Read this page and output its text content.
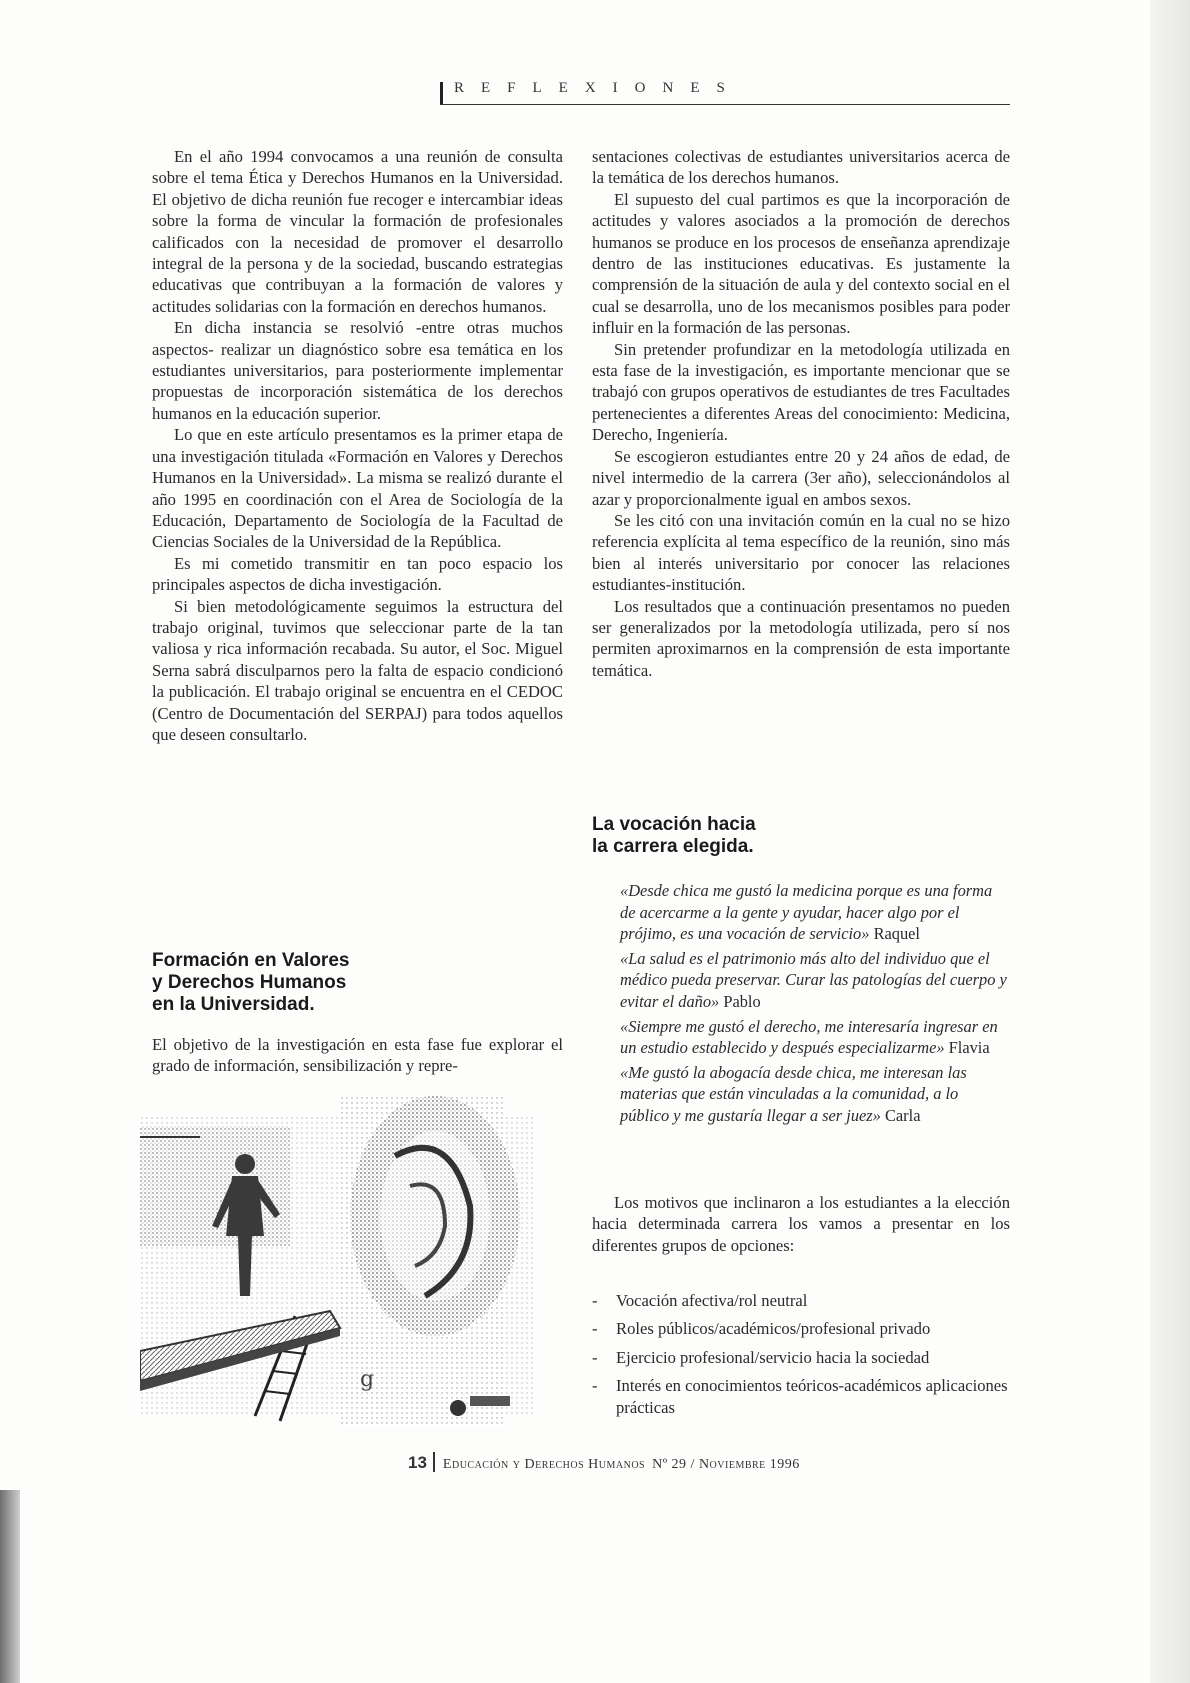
REFLEXIONES

En el año 1994 convocamos a una reunión de consulta sobre el tema Ética y Derechos Humanos en la Universidad. El objetivo de dicha reunión fue recoger e intercambiar ideas sobre la forma de vincular la formación de profesionales calificados con la necesidad de promover el desarrollo integral de la persona y de la sociedad, buscando estrategias educativas que contribuyan a la formación de valores y actitudes solidarias con la formación en derechos humanos.

En dicha instancia se resolvió -entre otras muchos aspectos- realizar un diagnóstico sobre esa temática en los estudiantes universitarios, para posteriormente implementar propuestas de incorporación sistemática de los derechos humanos en la educación superior.

Lo que en este artículo presentamos es la primer etapa de una investigación titulada «Formación en Valores y Derechos Humanos en la Universidad». La misma se realizó durante el año 1995 en coordinación con el Area de Sociología de la Educación, Departamento de Sociología de la Facultad de Ciencias Sociales de la Universidad de la República.

Es mi cometido transmitir en tan poco espacio los principales aspectos de dicha investigación.

Si bien metodológicamente seguimos la estructura del trabajo original, tuvimos que seleccionar parte de la tan valiosa y rica información recabada. Su autor, el Soc. Miguel Serna sabrá disculparnos pero la falta de espacio condicionó la publicación. El trabajo original se encuentra en el CEDOC (Centro de Documentación del SERPAJ) para todos aquellos que deseen consultarlo.

Formación en Valores
y Derechos Humanos
en la Universidad.

El objetivo de la investigación en esta fase fue explorar el grado de información, sensibilización y repre-

g

sentaciones colectivas de estudiantes universitarios acerca de la temática de los derechos humanos.

El supuesto del cual partimos es que la incorporación de actitudes y valores asociados a la promoción de derechos humanos se produce en los procesos de enseñanza aprendizaje dentro de las instituciones educativas. Es justamente la comprensión de la situación de aula y del contexto social en el cual se desarrolla, uno de los mecanismos posibles para poder influir en la formación de las personas.

Sin pretender profundizar en la metodología utilizada en esta fase de la investigación, es importante mencionar que se trabajó con grupos operativos de estudiantes de tres Facultades pertenecientes a diferentes Areas del conocimiento: Medicina, Derecho, Ingeniería.

Se escogieron estudiantes entre 20 y 24 años de edad, de nivel intermedio de la carrera (3er año), seleccionándolos al azar y proporcionalmente igual en ambos sexos.

Se les citó con una invitación común en la cual no se hizo referencia explícita al tema específico de la reunión, sino más bien al interés universitario por conocer las relaciones estudiantes-institución.

Los resultados que a continuación presentamos no pueden ser generalizados por la metodología utilizada, pero sí nos permiten aproximarnos en la comprensión de esta importante temática.

La vocación hacia
la carrera elegida.

«Desde chica me gustó la medicina porque es una forma de acercarme a la gente y ayudar, hacer algo por el prójimo, es una vocación de servicio» Raquel

«La salud es el patrimonio más alto del individuo que el médico pueda preservar. Curar las patologías del cuerpo y evitar el daño» Pablo

«Siempre me gustó el derecho, me interesaría ingresar en un estudio establecido y después especializarme» Flavia

«Me gustó la abogacía desde chica, me interesan las materias que están vinculadas a la comunidad, a lo público y me gustaría llegar a ser juez» Carla

Los motivos que inclinaron a los estudiantes a la elección hacia determinada carrera los vamos a presentar en los diferentes grupos de opciones:

- Vocación afectiva/rol neutral
- Roles públicos/académicos/profesional privado
- Ejercicio profesional/servicio hacia la sociedad
- Interés en conocimientos teóricos-académicos aplicaciones prácticas
13 Educación y Derechos Humanos Nº 29 / Noviembre 1996
